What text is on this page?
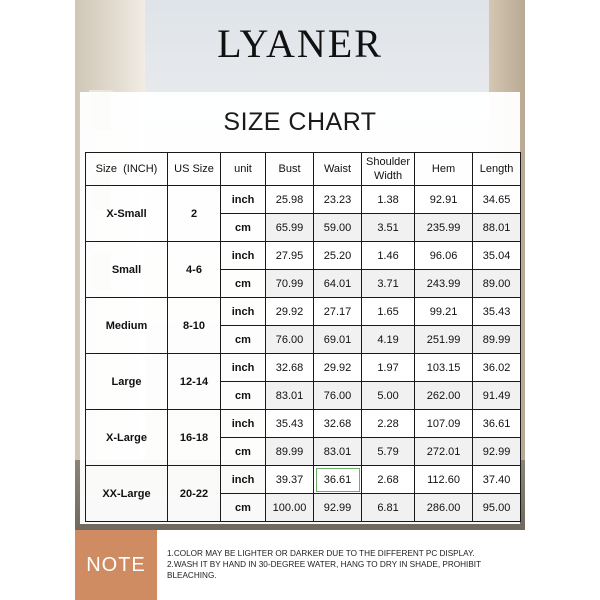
LYANER
SIZE CHART
Size  (INCH)	US Size	unit	Bust	Waist	Shoulder Width	Hem	Length
X-Small	2	inch	25.98	23.23	1.38	92.91	34.65
		cm	65.99	59.00	3.51	235.99	88.01
Small	4-6	inch	27.95	25.20	1.46	96.06	35.04
		cm	70.99	64.01	3.71	243.99	89.00
Medium	8-10	inch	29.92	27.17	1.65	99.21	35.43
		cm	76.00	69.01	4.19	251.99	89.99
Large	12-14	inch	32.68	29.92	1.97	103.15	36.02
		cm	83.01	76.00	5.00	262.00	91.49
X-Large	16-18	inch	35.43	32.68	2.28	107.09	36.61
		cm	89.99	83.01	5.79	272.01	92.99
XX-Large	20-22	inch	39.37	36.61	2.68	112.60	37.40
		cm	100.00	92.99	6.81	286.00	95.00
NOTE	1.COLOR MAY BE LIGHTER OR DARKER DUE TO THE DIFFERENT PC DISPLAY.
2.WASH IT BY HAND IN 30-DEGREE WATER, HANG TO DRY IN SHADE, PROHIBIT BLEACHING.
